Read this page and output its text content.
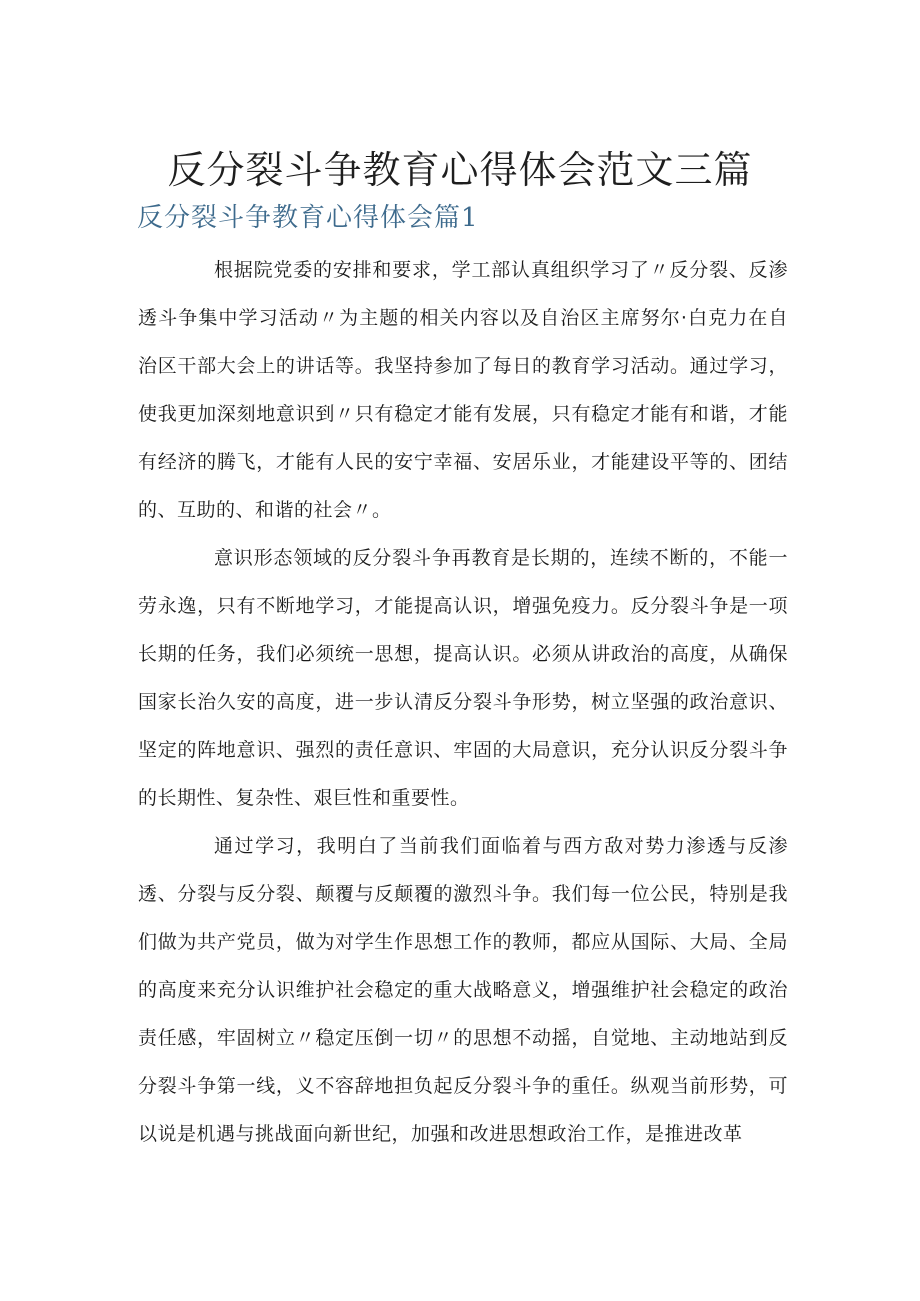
反分裂斗争教育心得体会范文三篇
反分裂斗争教育心得体会篇1

根据院党委的安排和要求，学工部认真组织学习了〃反分裂、反渗透斗争集中学习活动〃为主题的相关内容以及自治区主席努尔·白克力在自治区干部大会上的讲话等。我坚持参加了每日的教育学习活动。通过学习，使我更加深刻地意识到〃只有稳定才能有发展，只有稳定才能有和谐，才能有经济的腾飞，才能有人民的安宁幸福、安居乐业，才能建设平等的、团结的、互助的、和谐的社会〃。

意识形态领域的反分裂斗争再教育是长期的，连续不断的，不能一劳永逸，只有不断地学习，才能提高认识，增强免疫力。反分裂斗争是一项长期的任务，我们必须统一思想，提高认识。必须从讲政治的高度，从确保国家长治久安的高度，进一步认清反分裂斗争形势，树立坚强的政治意识、坚定的阵地意识、强烈的责任意识、牢固的大局意识，充分认识反分裂斗争的长期性、复杂性、艰巨性和重要性。

通过学习，我明白了当前我们面临着与西方敌对势力渗透与反渗透、分裂与反分裂、颠覆与反颠覆的激烈斗争。我们每一位公民，特别是我们做为共产党员，做为对学生作思想工作的教师，都应从国际、大局、全局的高度来充分认识维护社会稳定的重大战略意义，增强维护社会稳定的政治责任感，牢固树立〃稳定压倒一切〃的思想不动摇，自觉地、主动地站到反分裂斗争第一线，义不容辞地担负起反分裂斗争的重任。纵观当前形势，可以说是机遇与挑战面向新世纪，加强和改进思想政治工作，是推进改革
